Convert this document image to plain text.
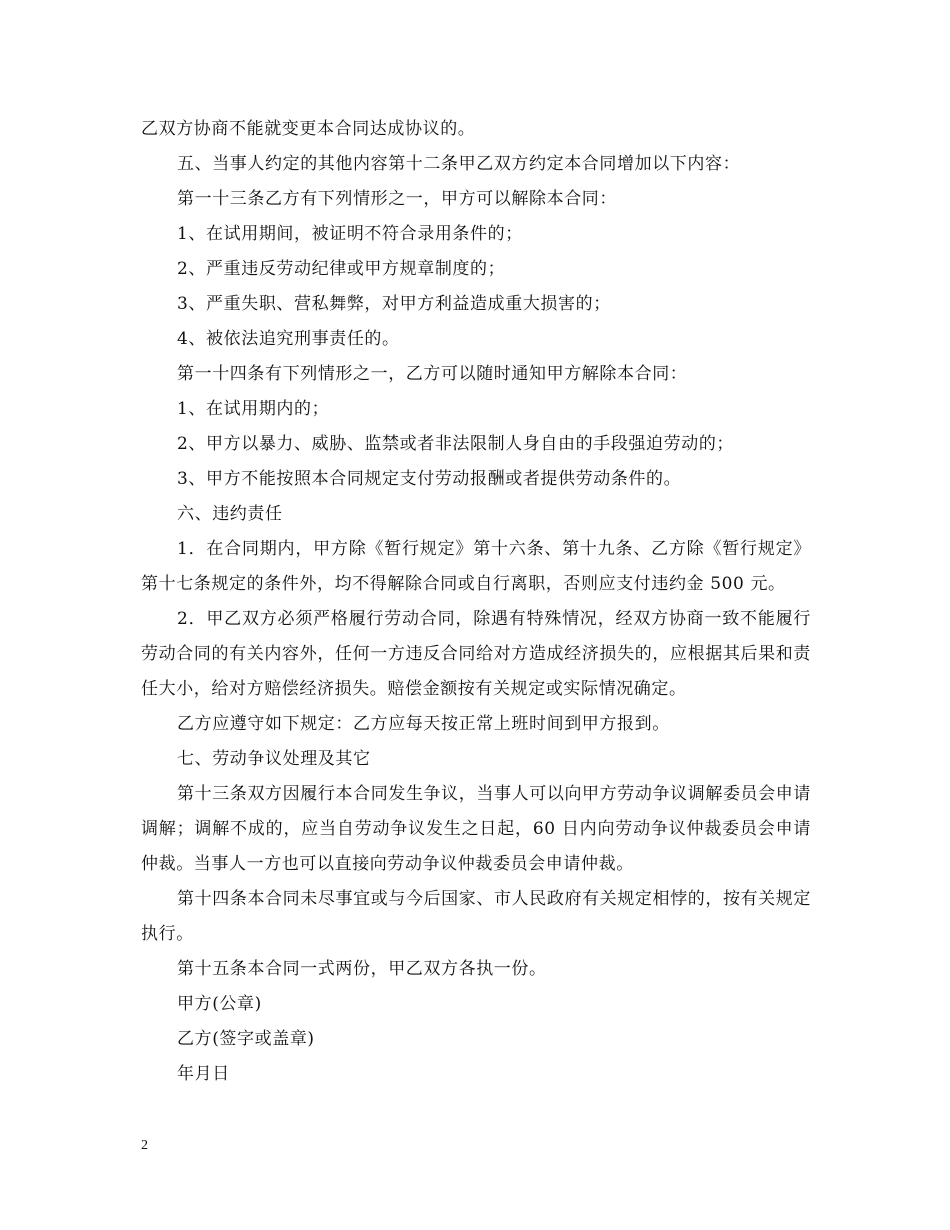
乙双方协商不能就变更本合同达成协议的。

五、当事人约定的其他内容第十二条甲乙双方约定本合同增加以下内容：

第一十三条乙方有下列情形之一，甲方可以解除本合同：

1、在试用期间，被证明不符合录用条件的；

2、严重违反劳动纪律或甲方规章制度的；

3、严重失职、营私舞弊，对甲方利益造成重大损害的；

4、被依法追究刑事责任的。

第一十四条有下列情形之一，乙方可以随时通知甲方解除本合同：

1、在试用期内的；

2、甲方以暴力、威胁、监禁或者非法限制人身自由的手段强迫劳动的；

3、甲方不能按照本合同规定支付劳动报酬或者提供劳动条件的。

六、违约责任

1．在合同期内，甲方除《暂行规定》第十六条、第十九条、乙方除《暂行规定》第十七条规定的条件外，均不得解除合同或自行离职，否则应支付违约金 500 元。

2．甲乙双方必须严格履行劳动合同，除遇有特殊情况，经双方协商一致不能履行劳动合同的有关内容外，任何一方违反合同给对方造成经济损失的，应根据其后果和责任大小，给对方赔偿经济损失。赔偿金额按有关规定或实际情况确定。

乙方应遵守如下规定：乙方应每天按正常上班时间到甲方报到。

七、劳动争议处理及其它

第十三条双方因履行本合同发生争议，当事人可以向甲方劳动争议调解委员会申请调解；调解不成的，应当自劳动争议发生之日起，60 日内向劳动争议仲裁委员会申请仲裁。当事人一方也可以直接向劳动争议仲裁委员会申请仲裁。

第十四条本合同未尽事宜或与今后国家、市人民政府有关规定相悖的，按有关规定执行。

第十五条本合同一式两份，甲乙双方各执一份。

甲方(公章)

乙方(签字或盖章)

年月日

2
